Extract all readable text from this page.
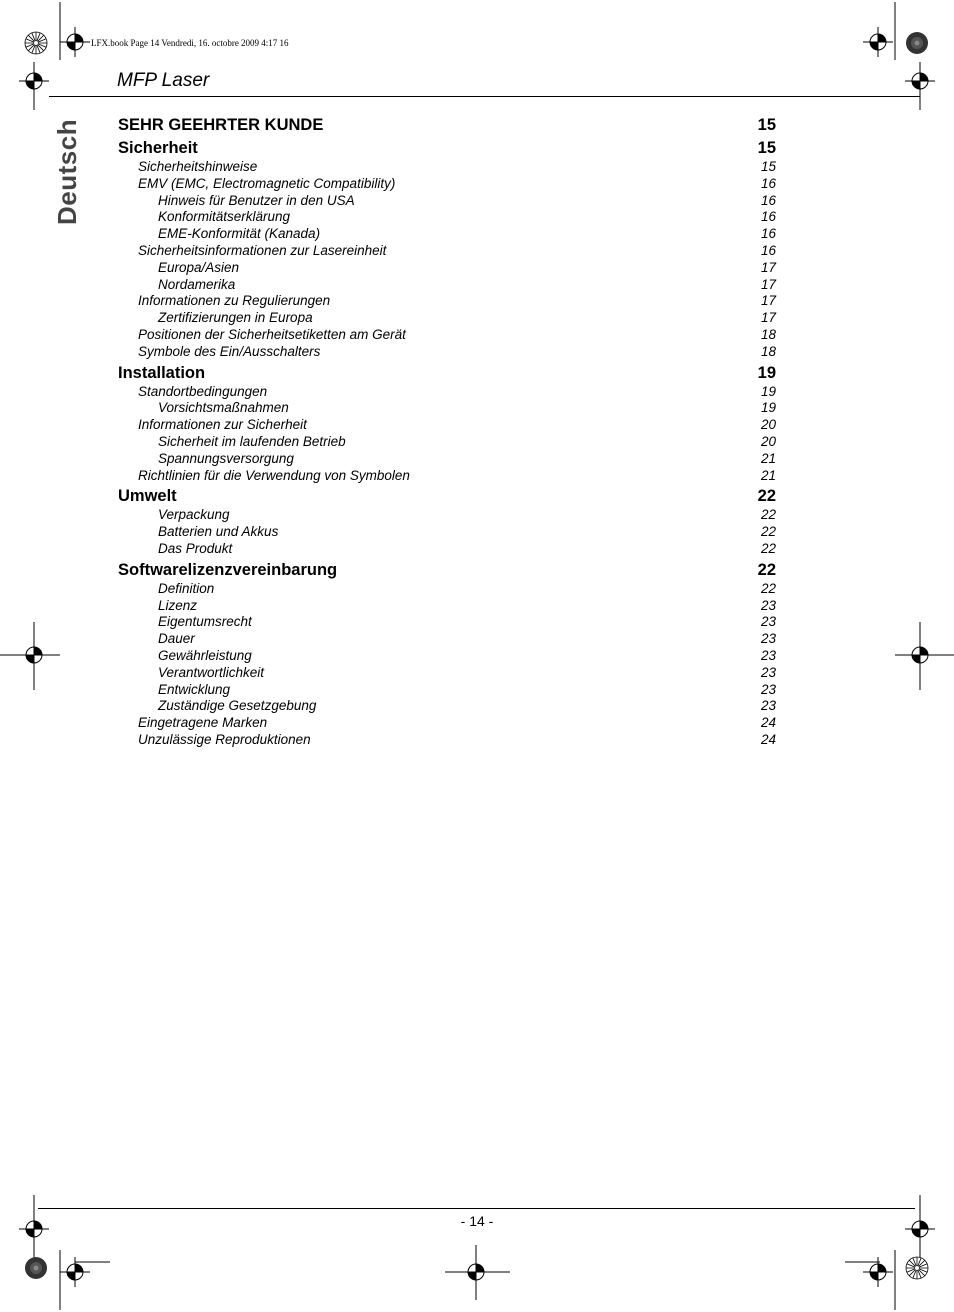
LFX.book Page 14 Vendredi, 16. octobre 2009 4:17 16
MFP Laser
Deutsch SEHR GEEHRTER KUNDE	15
Sicherheit	15
Sicherheitshinweise	15
EMV (EMC, Electromagnetic Compatibility)	16
Hinweis für Benutzer in den USA	16
Konformitätserklärung	16
EME-Konformität (Kanada)	16
Sicherheitsinformationen zur Lasereinheit	16
Europa/Asien	17
Nordamerika	17
Informationen zu Regulierungen	17
Zertifizierungen in Europa	17
Positionen der Sicherheitsetiketten am Gerät	18
Symbole des Ein/Ausschalters	18
Installation	19
Standortbedingungen	19
Vorsichtsmaßnahmen	19
Informationen zur Sicherheit	20
Sicherheit im laufenden Betrieb	20
Spannungsversorgung	21
Richtlinien für die Verwendung von Symbolen	21
Umwelt	22
Verpackung	22
Batterien und Akkus	22
Das Produkt	22
Softwarelizenzvereinbarung	22
Definition	22
Lizenz	23
Eigentumsrecht	23
Dauer	23
Gewährleistung	23
Verantwortlichkeit	23
Entwicklung	23
Zuständige Gesetzgebung	23
Eingetragene Marken	24
Unzulässige Reproduktionen	24
- 14 -
